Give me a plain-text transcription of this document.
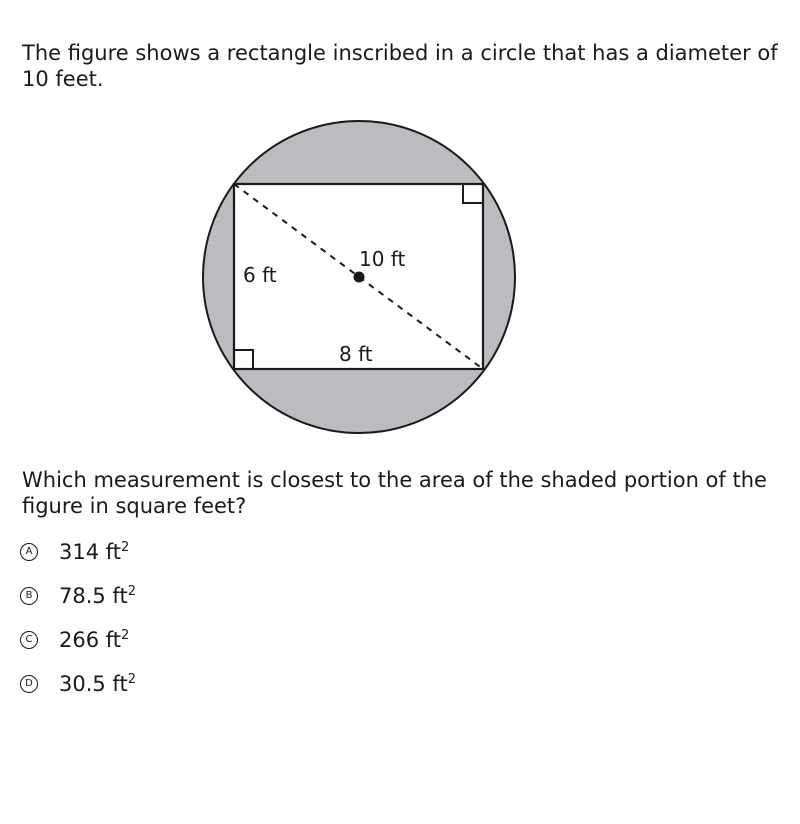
The figure shows a rectangle inscribed in a circle that has a diameter of 10 feet.

6 ft
10 ft
8 ft

Which measurement is closest to the area of the shaded portion of the figure in square feet?

A 314 $ft^2$
B 78.5 $ft^2$
C 266 $ft^2$
D 30.5 $ft^2$
